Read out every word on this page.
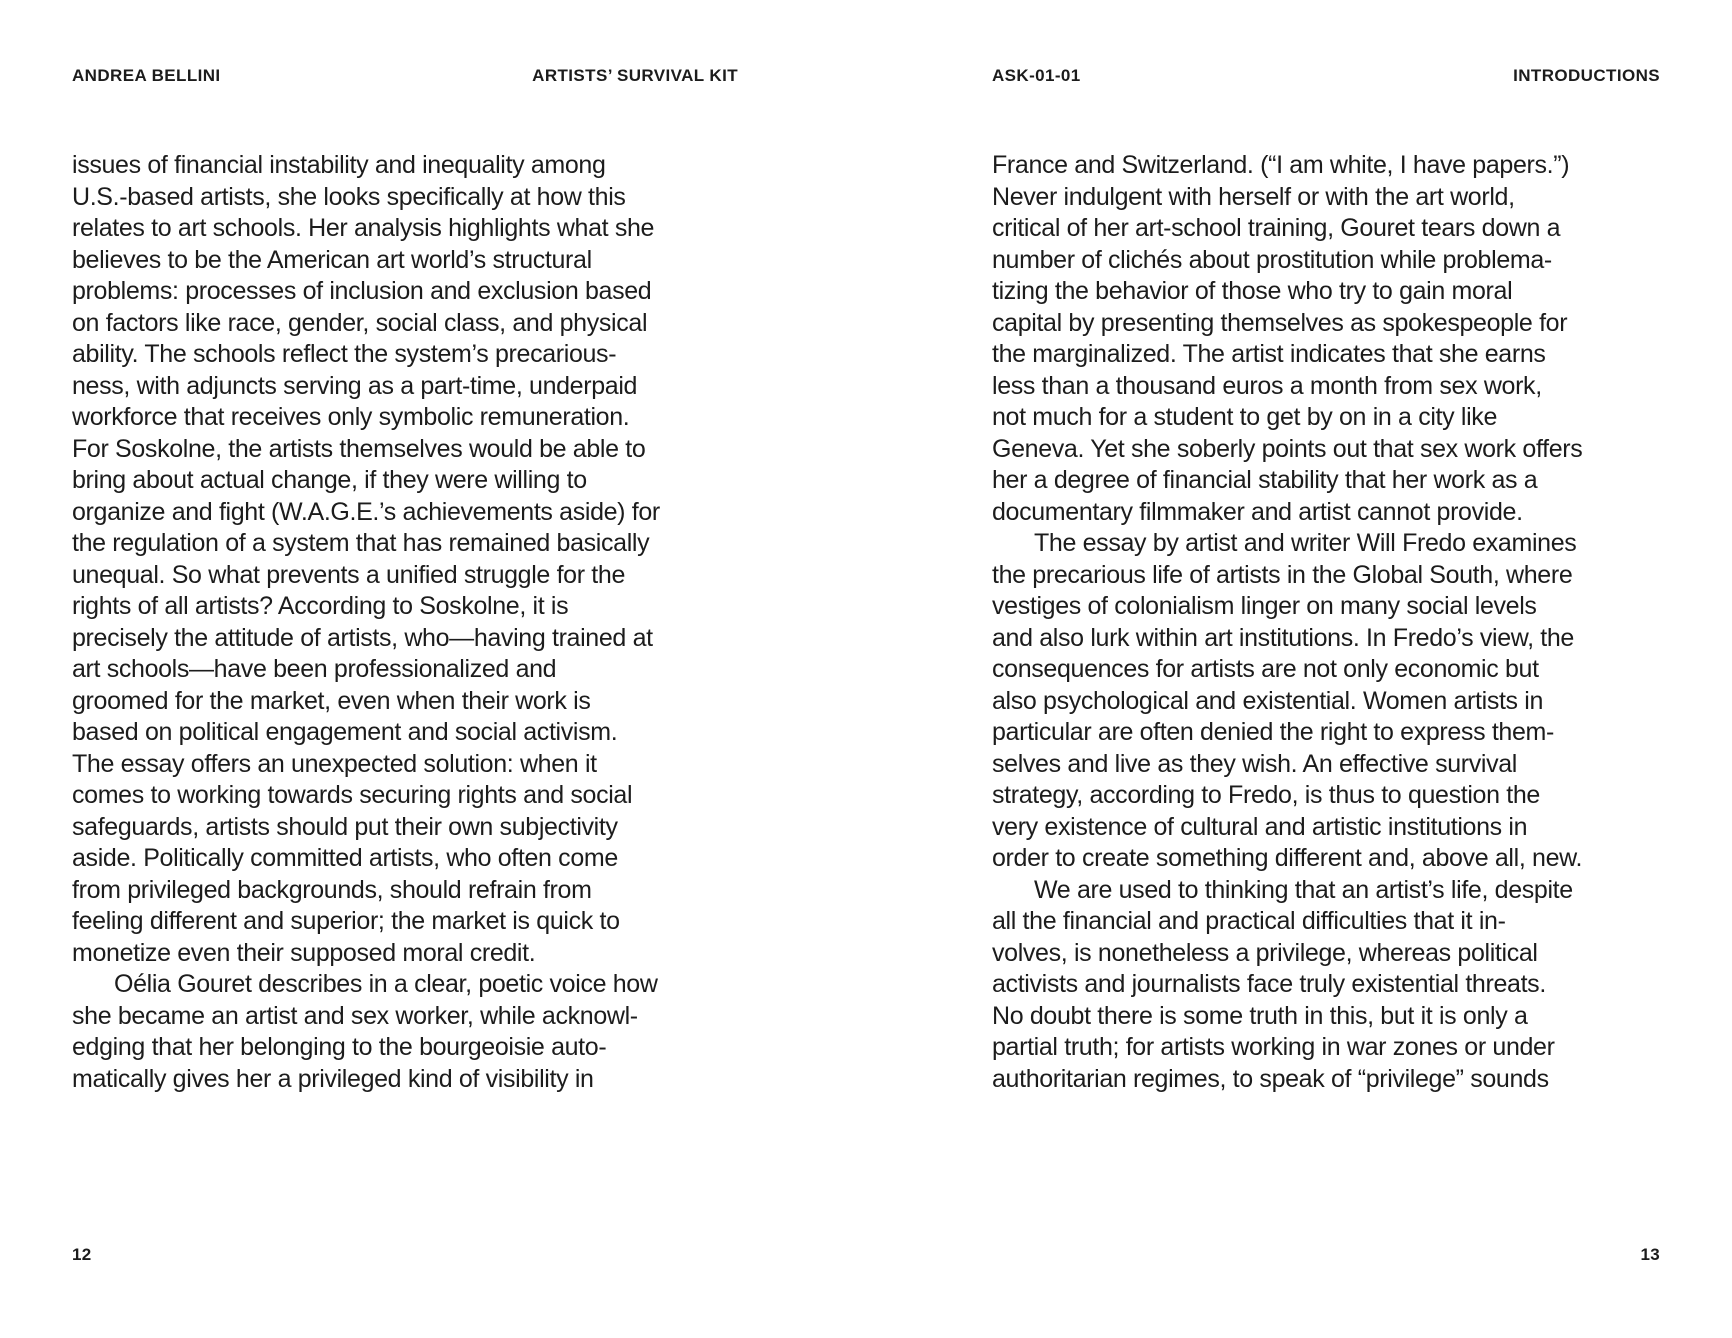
ANDREA BELLINI	ARTISTS’ SURVIVAL KIT	ASK-01-01	INTRODUCTIONS
issues of financial instability and inequality among
U.S.-based artists, she looks specifically at how this
relates to art schools. Her analysis highlights what she
believes to be the American art world’s structural
problems: processes of inclusion and exclusion based
on factors like race, gender, social class, and physical
ability. The schools reflect the system’s precarious-
ness, with adjuncts serving as a part-time, underpaid
workforce that receives only symbolic remuneration.
For Soskolne, the artists themselves would be able to
bring about actual change, if they were willing to
organize and fight (W.A.G.E.’s achievements aside) for
the regulation of a system that has remained basically
unequal. So what prevents a unified struggle for the
rights of all artists? According to Soskolne, it is
precisely the attitude of artists, who—having trained at
art schools—have been professionalized and
groomed for the market, even when their work is
based on political engagement and social activism.
The essay offers an unexpected solution: when it
comes to working towards securing rights and social
safeguards, artists should put their own subjectivity
aside. Politically committed artists, who often come
from privileged backgrounds, should refrain from
feeling different and superior; the market is quick to
monetize even their supposed moral credit.
Oélia Gouret describes in a clear, poetic voice how
she became an artist and sex worker, while acknowl-
edging that her belonging to the bourgeoisie auto-
matically gives her a privileged kind of visibility in
France and Switzerland. (“I am white, I have papers.”)
Never indulgent with herself or with the art world,
critical of her art-school training, Gouret tears down a
number of clichés about prostitution while problema-
tizing the behavior of those who try to gain moral
capital by presenting themselves as spokespeople for
the marginalized. The artist indicates that she earns
less than a thousand euros a month from sex work,
not much for a student to get by on in a city like
Geneva. Yet she soberly points out that sex work offers
her a degree of financial stability that her work as a
documentary filmmaker and artist cannot provide.
The essay by artist and writer Will Fredo examines
the precarious life of artists in the Global South, where
vestiges of colonialism linger on many social levels
and also lurk within art institutions. In Fredo’s view, the
consequences for artists are not only economic but
also psychological and existential. Women artists in
particular are often denied the right to express them-
selves and live as they wish. An effective survival
strategy, according to Fredo, is thus to question the
very existence of cultural and artistic institutions in
order to create something different and, above all, new.
We are used to thinking that an artist’s life, despite
all the financial and practical difficulties that it in-
volves, is nonetheless a privilege, whereas political
activists and journalists face truly existential threats.
No doubt there is some truth in this, but it is only a
partial truth; for artists working in war zones or under
authoritarian regimes, to speak of “privilege” sounds
12	13
